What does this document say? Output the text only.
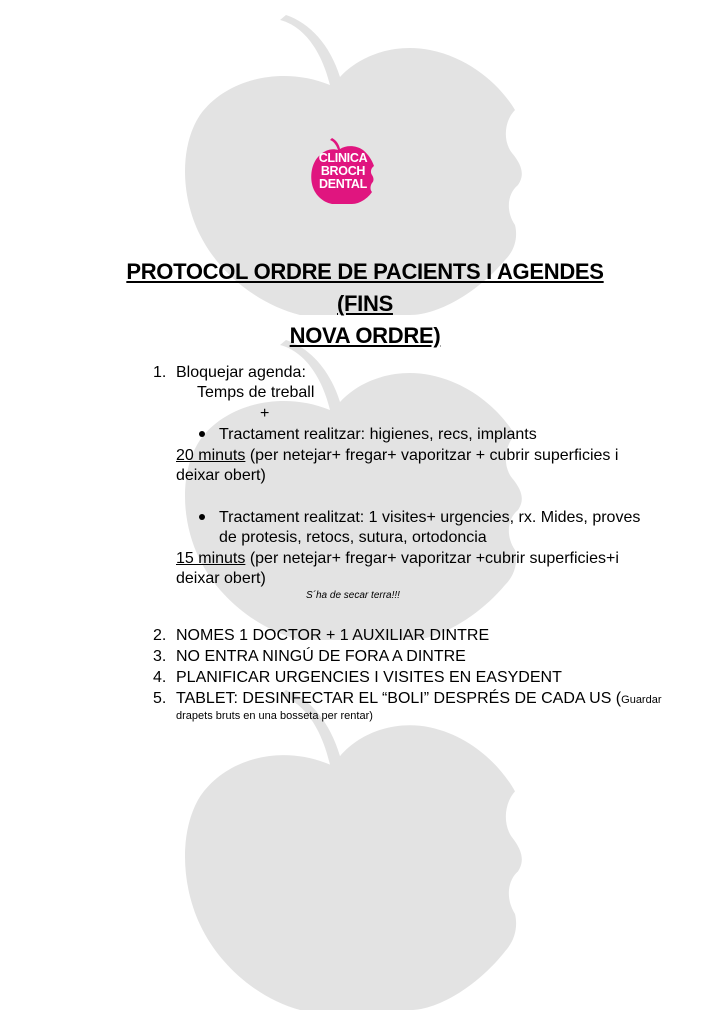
CLINICA
BROCH
DENTAL
PROTOCOL ORDRE DE PACIENTS I AGENDES (FINS
NOVA ORDRE)
1. Bloquejar agenda:
Temps de treball
+
Tractament realitzar: higienes, recs, implants
20 minuts (per netejar+ fregar+ vaporitzar + cubrir superficies i
deixar obert)
Tractament realitzat: 1 visites+ urgencies, rx. Mides, proves
de protesis, retocs, sutura, ortodoncia
15 minuts (per netejar+ fregar+ vaporitzar +cubrir superficies+i
deixar obert)
S´ha de secar terra!!!
2. NOMES 1 DOCTOR + 1 AUXILIAR DINTRE
3. NO ENTRA NINGÚ DE FORA A DINTRE
4. PLANIFICAR URGENCIES I VISITES EN EASYDENT
5. TABLET: DESINFECTAR EL “BOLI” DESPRÉS DE CADA US (Guardar
drapets bruts en una bosseta per rentar)
